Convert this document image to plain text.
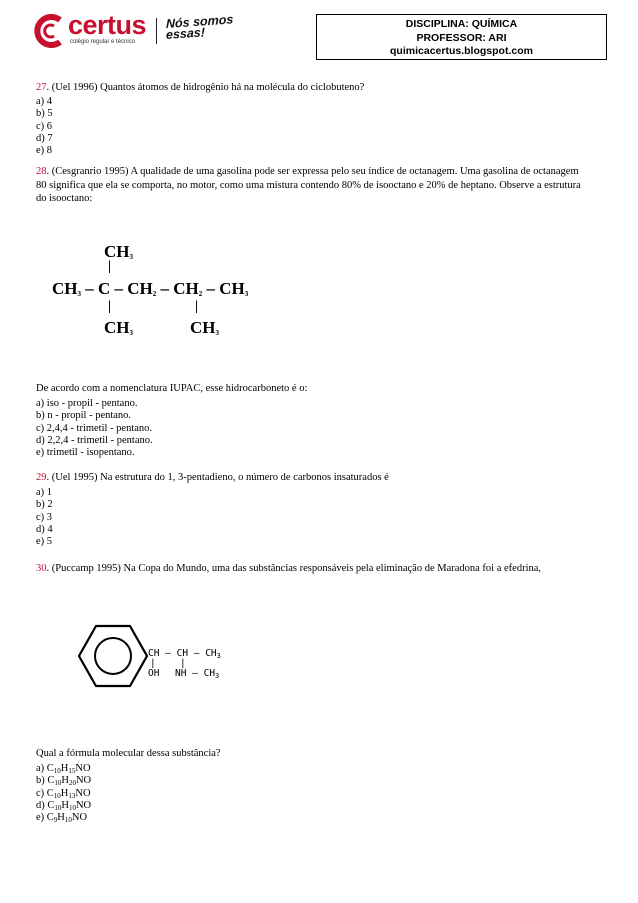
certus
colégio regular e técnico
Nós somos essas!
DISCIPLINA: QUÍMICA
PROFESSOR: ARI
quimicacertus.blogspot.com
27. (Uel 1996) Quantos átomos de hidrogênio há na molécula do ciclobuteno?
a) 4
b) 5
c) 6
d) 7
e) 8
28. (Cesgranrio 1995) A qualidade de uma gasolina pode ser expressa pelo seu índice de octanagem. Uma gasolina de octanagem
80 significa que ela se comporta, no motor, como uma mistura contendo 80% de isooctano e 20% de heptano. Observe a estrutura
do isooctano:
$CH_3$
|
$CH_3$ – C – $CH_2 - CH_2 - CH_3$
|	|
$CH_3$	$CH_3$
De acordo com a nomenclatura IUPAC, esse hidrocarboneto é o:
a) iso - propil - pentano.
b) n - propil - pentano.
c) 2,4,4 - trimetil - pentano.
d) 2,2,4 - trimetil - pentano.
e) trimetil - isopentano.
29. (Uel 1995) Na estrutura do 1, 3-pentadieno, o número de carbonos insaturados é
a) 1
b) 2
c) 3
d) 4
e) 5
30. (Puccamp 1995) Na Copa do Mundo, uma das substâncias responsáveis pela eliminação de Maradona foi a efedrina,
CH – CH – $CH_3$
|	|
OH NH – $CH_3$
Qual a fórmula molecular dessa substância?
a) $C_{10}H_{15}NO$
b) $C_{10}H_{20}NO$
c) $C_{10}H_{13}NO$
d) $C_{10}H_{10}NO$
e) $C_9H_{10}NO$
